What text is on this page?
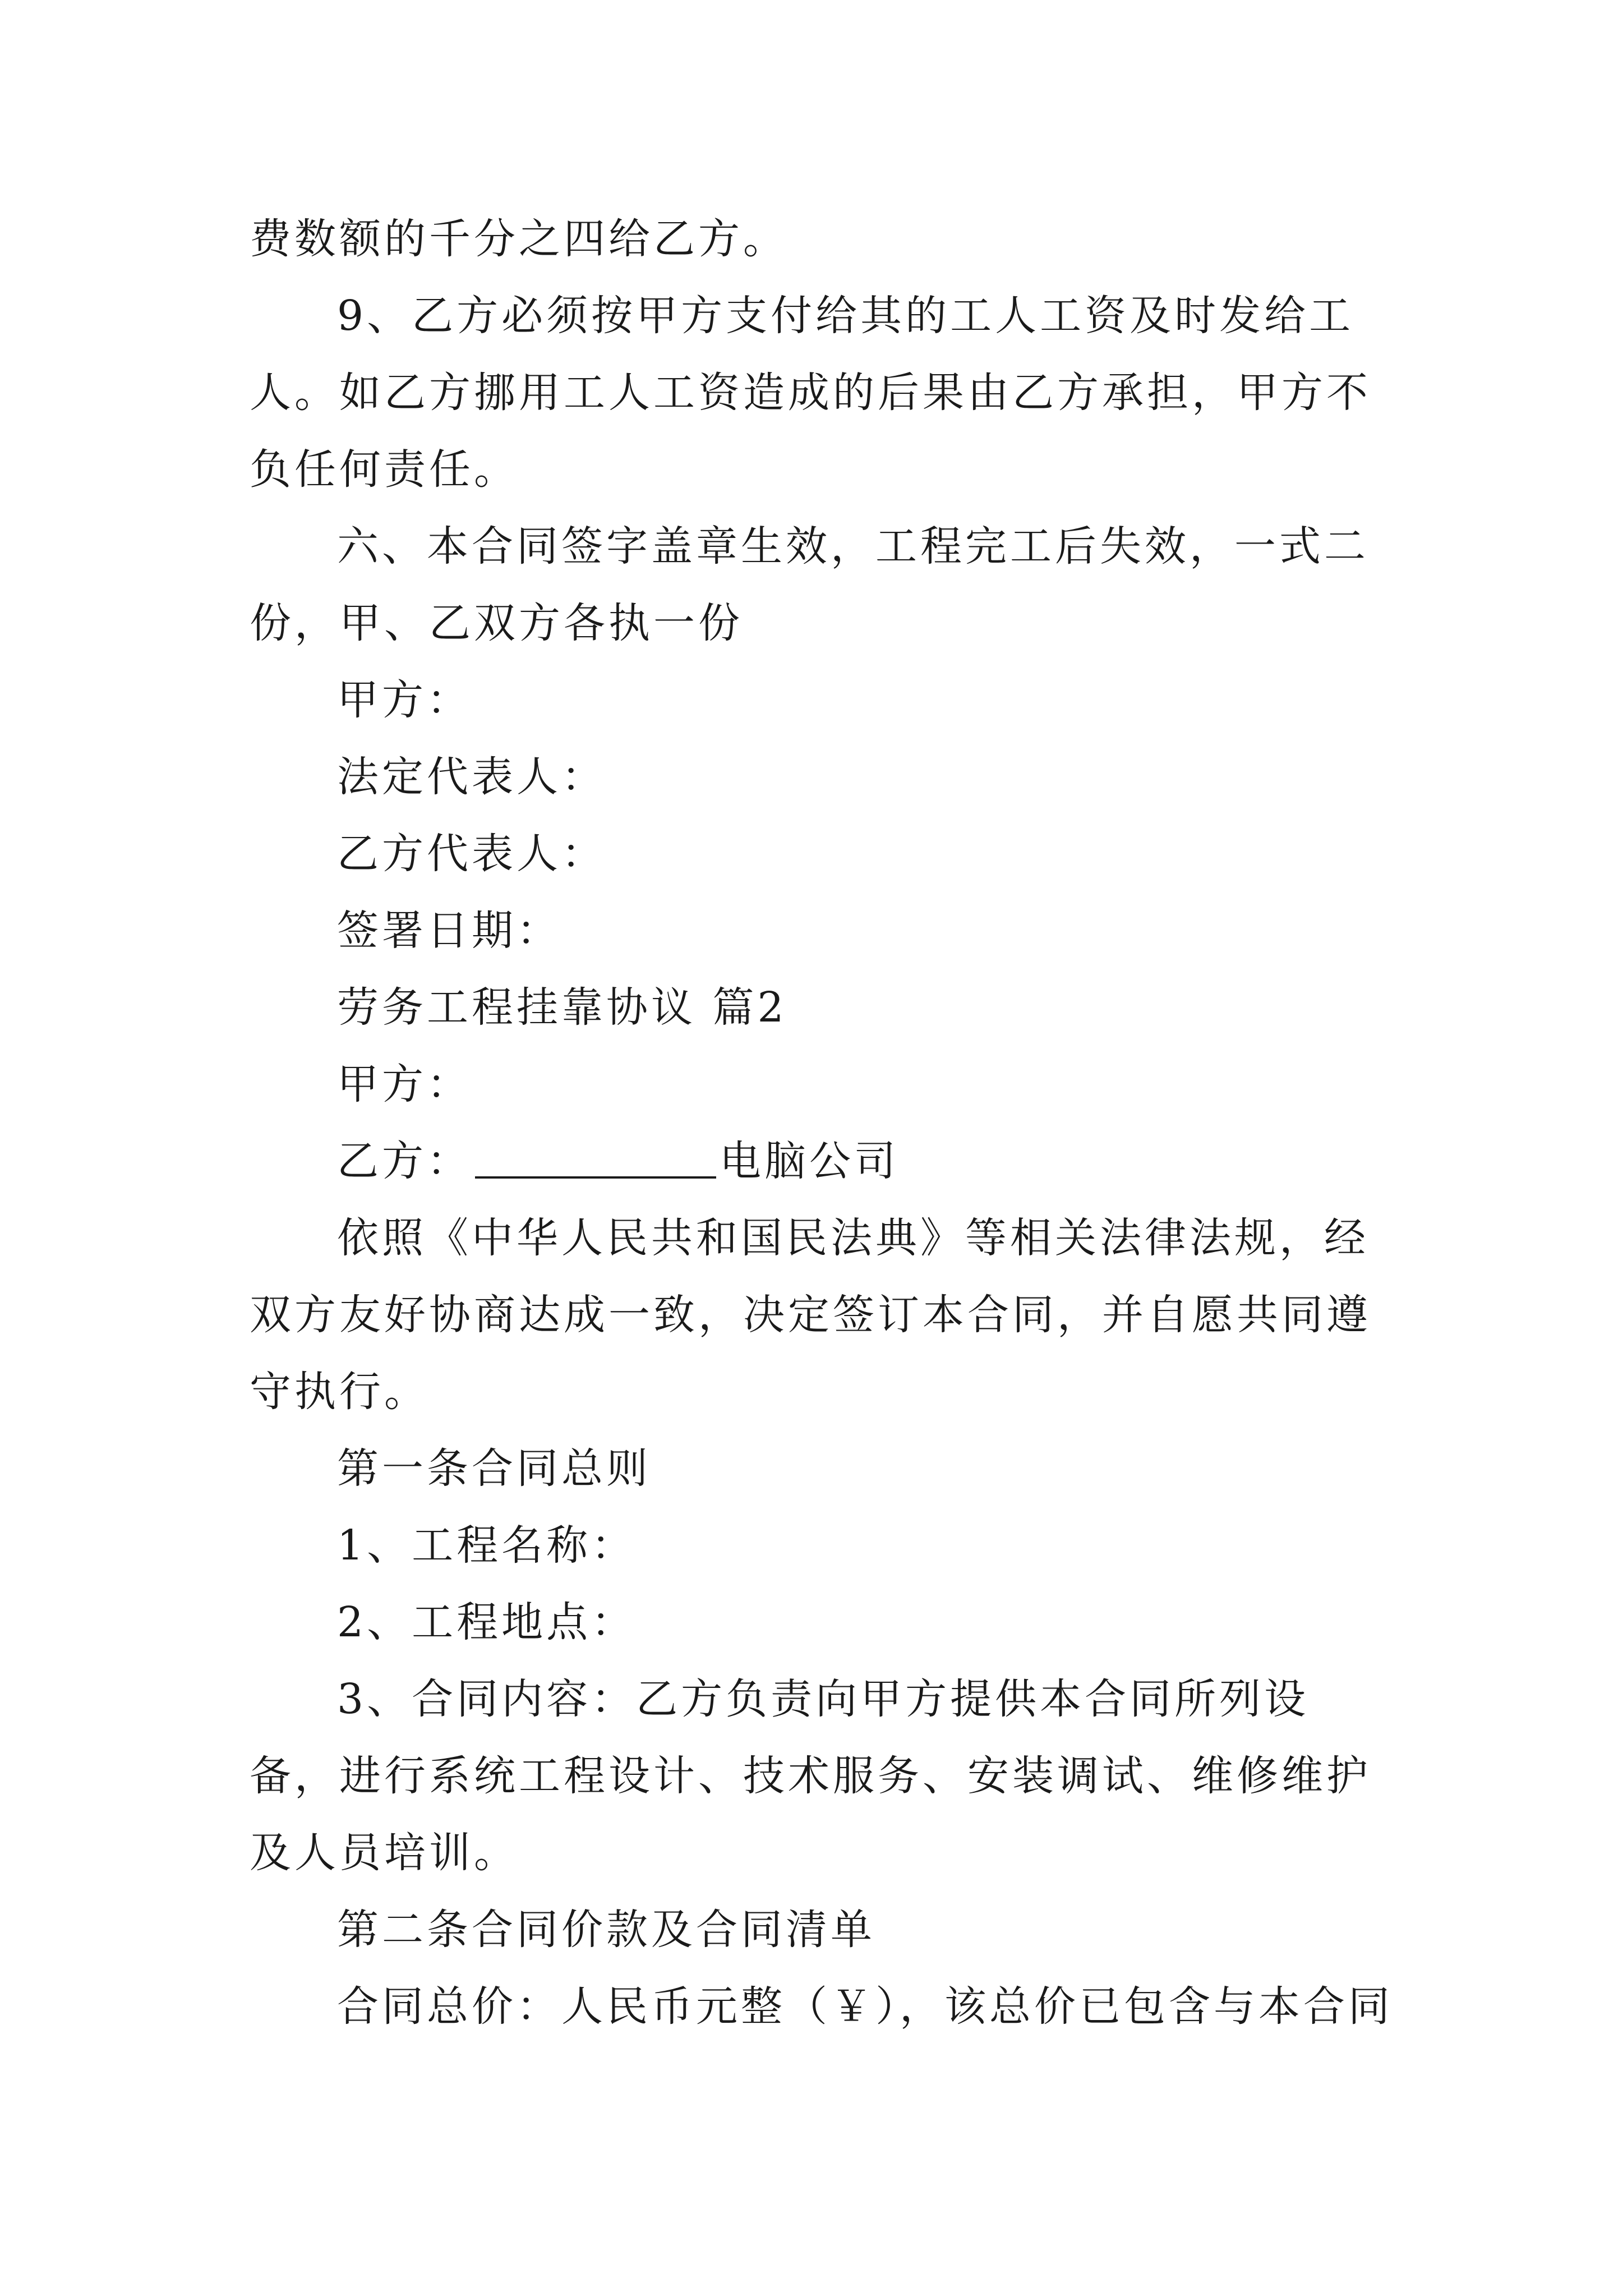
费数额的千分之四给乙方。

9、乙方必须按甲方支付给其的工人工资及时发给工人。如乙方挪用工人工资造成的后果由乙方承担，甲方不负任何责任。

六、本合同签字盖章生效，工程完工后失效，一式二份，甲、乙双方各执一份

甲方：

法定代表人：

乙方代表人：

签署日期：

劳务工程挂靠协议 篇2

甲方：

乙方：	电脑公司

依照《中华人民共和国民法典》等相关法律法规，经双方友好协商达成一致，决定签订本合同，并自愿共同遵守执行。

第一条合同总则

1、工程名称：

2、工程地点：

3、合同内容：乙方负责向甲方提供本合同所列设备，进行系统工程设计、技术服务、安装调试、维修维护及人员培训。

第二条合同价款及合同清单

合同总价：人民币元整（￥），该总价已包含与本合同
